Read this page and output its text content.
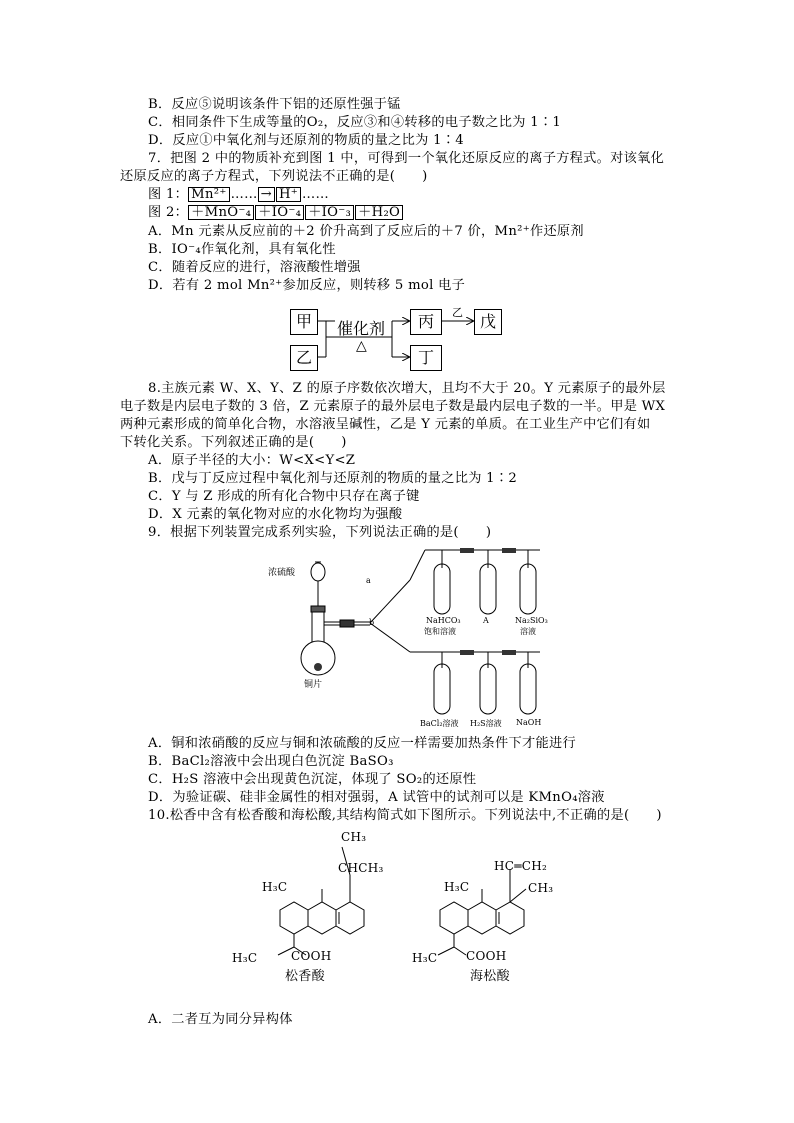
B．反应⑤说明该条件下铝的还原性强于锰
C．相同条件下生成等量的O₂，反应③和④转移的电子数之比为 1∶1
D．反应①中氧化剂与还原剂的物质的量之比为 1∶4
7．把图 2 中的物质补充到图 1 中，可得到一个氧化还原反应的离子方程式。对该氧化
还原反应的离子方程式，下列说法不正确的是(　　)
图 1： Mn²⁺ …… → H⁺ ……
图 2： ＋MnO⁻₄ ＋IO⁻₄ ＋IO⁻₃ ＋H₂O
A．Mn 元素从反应前的＋2 价升高到了反应后的＋7 价，Mn²⁺作还原剂
B．IO⁻₄作氧化剂，具有氧化性
C．随着反应的进行，溶液酸性增强
D．若有 2 mol Mn²⁺参加反应，则转移 5 mol 电子
甲
乙
丙
丁
戊
催化剂
△
乙
8.主族元素 W、X、Y、Z 的原子序数依次增大，且均不大于 20。Y 元素原子的最外层
电子数是内层电子数的 3 倍，Z 元素原子的最外层电子数是最内层电子数的一半。甲是 WX
两种元素形成的简单化合物，水溶液呈碱性，乙是 Y 元素的单质。在工业生产中它们有如
下转化关系。下列叙述正确的是(　　)
A．原子半径的大小：W<X<Y<Z
B．戊与丁反应过程中氧化剂与还原剂的物质的量之比为 1∶2
C．Y 与 Z 形成的所有化合物中只存在离子键
D．X 元素的氧化物对应的水化物均为强酸
9．根据下列装置完成系列实验，下列说法正确的是(　　)
浓硫酸
铜片
a
b	NaHCO₃
饱和溶液
A	Na₂SiO₃
溶液
BaCl₂溶液 H₂S溶液 NaOH
A．铜和浓硝酸的反应与铜和浓硫酸的反应一样需要加热条件下才能进行
B．BaCl₂溶液中会出现白色沉淀 BaSO₃
C．H₂S 溶液中会出现黄色沉淀，体现了 SO₂的还原性
D．为验证碳、硅非金属性的相对强弱，A 试管中的试剂可以是 KMnO₄溶液
10.松香中含有松香酸和海松酸,其结构简式如下图所示。下列说法中,不正确的是(　　)
CH₃
CHCH₃
H₃C
H₃C	COOH
松香酸
HC═CH₂
CH₃
H₃C
H₃C COOH
海松酸
A．二者互为同分异构体
